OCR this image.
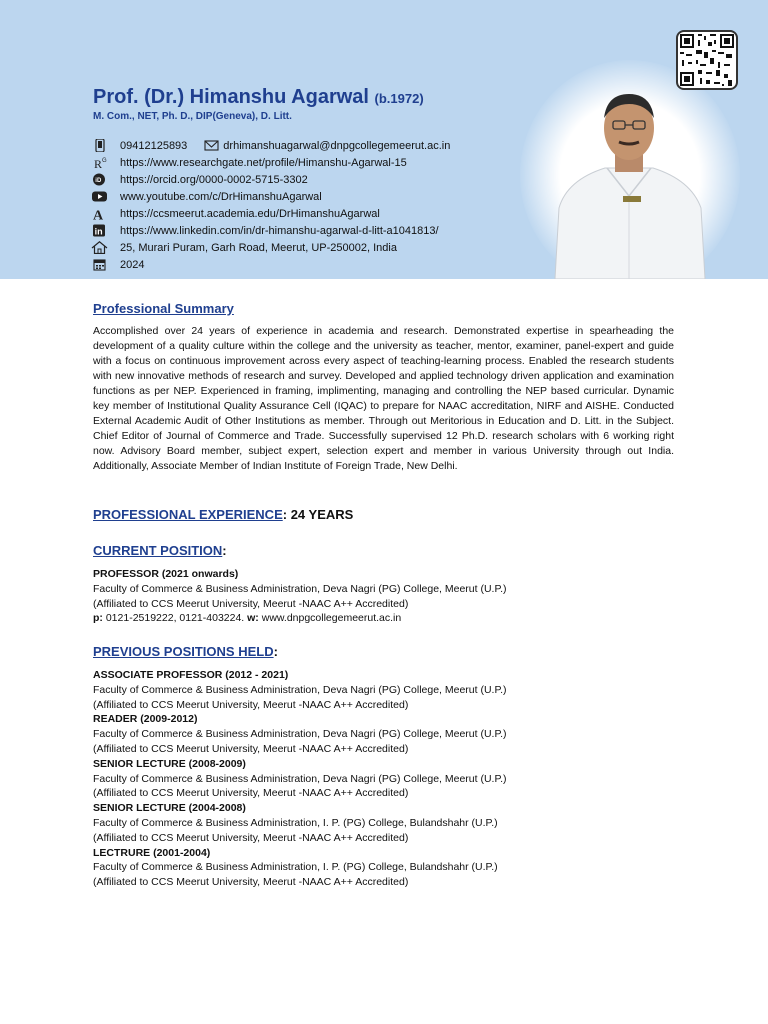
Prof. (Dr.) Himanshu Agarwal (b.1972)
M. Com., NET, Ph. D., DIP(Geneva), D. Litt.
09412125893	drhimanshuagarwal@dnpgcollegemeerut.ac.in
R G https://www.researchgate.net/profile/Himanshu-Agarwal-15
iD https://orcid.org/0000-0002-5715-3302
www.youtube.com/c/DrHimanshuAgarwal
A https://ccsmeerut.academia.edu/DrHimanshuAgarwal
in https://www.linkedin.com/in/dr-himanshu-agarwal-d-litt-a1041813/
25, Murari Puram, Garh Road, Meerut, UP-250002, India
2024
Professional Summary
Accomplished over 24 years of experience in academia and research. Demonstrated expertise in spearheading the development of a quality culture within the college and the university as teacher, mentor, examiner, panel-expert and guide with a focus on continuous improvement across every aspect of teaching-learning process. Enabled the research students with new innovative methods of research and survey. Developed and applied technology driven application and examination functions as per NEP. Experienced in framing, implimenting, managing and controlling the NEP based curricular. Dynamic key member of Institutional Quality Assurance Cell (IQAC) to prepare for NAAC accreditation, NIRF and AISHE. Conducted External Academic Audit of Other Institutions as member. Through out Meritorious in Education and D. Litt. in the Subject. Chief Editor of Journal of Commerce and Trade. Successfully supervised 12 Ph.D. research scholars with 6 working right now. Advisory Board member, subject expert, selection expert and member in various University through out India. Additionally, Associate Member of Indian Institute of Foreign Trade, New Delhi.
PROFESSIONAL EXPERIENCE: 24 YEARS
CURRENT POSITION:
PROFESSOR (2021 onwards)
Faculty of Commerce & Business Administration, Deva Nagri (PG) College, Meerut (U.P.)
(Affiliated to CCS Meerut University, Meerut -NAAC A++ Accredited)
p: 0121-2519222, 0121-403224. w: www.dnpgcollegemeerut.ac.in
PREVIOUS POSITIONS HELD:
ASSOCIATE PROFESSOR (2012 - 2021)
Faculty of Commerce & Business Administration, Deva Nagri (PG) College, Meerut (U.P.)
(Affiliated to CCS Meerut University, Meerut -NAAC A++ Accredited)
READER (2009-2012)
Faculty of Commerce & Business Administration, Deva Nagri (PG) College, Meerut (U.P.)
(Affiliated to CCS Meerut University, Meerut -NAAC A++ Accredited)
SENIOR LECTURE (2008-2009)
Faculty of Commerce & Business Administration, Deva Nagri (PG) College, Meerut (U.P.)
(Affiliated to CCS Meerut University, Meerut -NAAC A++ Accredited)
SENIOR LECTURE (2004-2008)
Faculty of Commerce & Business Administration, I. P. (PG) College, Bulandshahr (U.P.)
(Affiliated to CCS Meerut University, Meerut -NAAC A++ Accredited)
LECTRURE (2001-2004)
Faculty of Commerce & Business Administration, I. P. (PG) College, Bulandshahr (U.P.)
(Affiliated to CCS Meerut University, Meerut -NAAC A++ Accredited)
